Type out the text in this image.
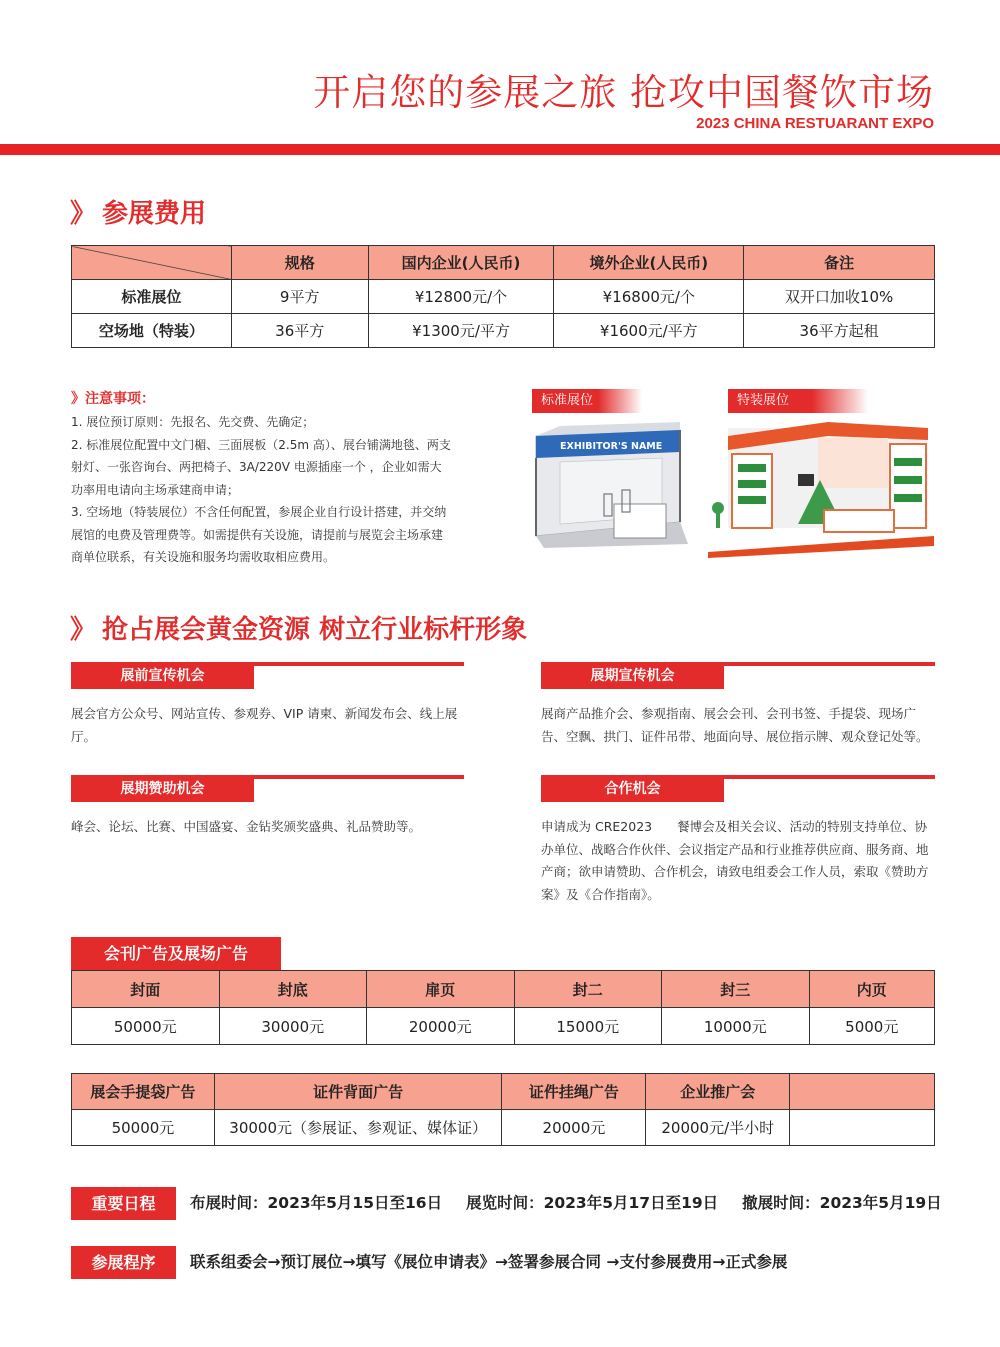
开启您的参展之旅 抢攻中国餐饮市场
2023 CHINA RESTUARANT EXPO
》 参展费用
	规格	国内企业(人民币)	境外企业(人民币)	备注
标准展位	9平方	¥12800元/个	¥16800元/个	双开口加收10%
空场地（特装）	36平方	¥1300元/平方	¥1600元/平方	36平方起租
》注意事项：
1. 展位预订原则：先报名、先交费、先确定；
2. 标准展位配置中文门楣、三面展板（2.5m 高）、展台铺满地毯、两支射灯、一张咨询台、两把椅子、3A/220V 电源插座一个 ，企业如需大功率用电请向主场承建商申请；
3. 空场地（特装展位）不含任何配置，参展企业自行设计搭建，并交纳展馆的电费及管理费等。如需提供有关设施，请提前与展览会主场承建商单位联系，有关设施和服务均需收取相应费用。
标准展位
EXHIBITOR'S NAME
特装展位
》 抢占展会黄金资源 树立行业标杆形象
展前宣传机会
展会官方公众号、网站宣传、参观券、VIP 请柬、新闻发布会、线上展厅。
展期宣传机会
展商产品推介会、参观指南、展会会刊、会刊书签、手提袋、现场广告、空飘、拱门、证件吊带、地面向导、展位指示牌、观众登记处等。
展期赞助机会
峰会、论坛、比赛、中国盛宴、金钻奖颁奖盛典、礼品赞助等。
合作机会
申请成为 CRE2023　　餐博会及相关会议、活动的特别支持单位、协办单位、战略合作伙伴、会议指定产品和行业推荐供应商、服务商、地产商；欲申请赞助、合作机会，请致电组委会工作人员，索取《赞助方案》及《合作指南》。
会刊广告及展场广告
封面	封底	扉页	封二	封三	内页
50000元	30000元	20000元	15000元	10000元	5000元
展会手提袋广告	证件背面广告	证件挂绳广告	企业推广会	
50000元	30000元（参展证、参观证、媒体证）	20000元	20000元/半小时	
重要日程	布展时间：2023年5月15日至16日 展览时间：2023年5月17日至19日 撤展时间：2023年5月19日
参展程序	联系组委会→预订展位→填写《展位申请表》→签署参展合同 →支付参展费用→正式参展
